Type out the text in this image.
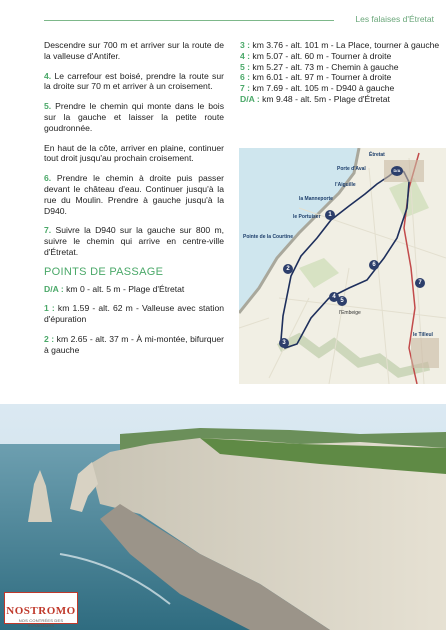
Les falaises d'Étretat

Descendre sur 700 m et arriver sur la route de la valleuse d'Antifer.

4. Le carrefour est boisé, prendre la route sur la droite sur 70 m et arriver à un croisement.

5. Prendre le chemin qui monte dans le bois sur la gauche et laisser la petite route goudronnée.

En haut de la côte, arriver en plaine, continuer tout droit jusqu'au prochain croisement.

6. Prendre le chemin à droite puis passer devant le château d'eau. Continuer jusqu'à la rue du Moulin. Prendre à gauche jusqu'à la D940.

7. Suivre la D940 sur la gauche sur 800 m, suivre le chemin qui arrive en centre-ville d'Étretat.

POINTS DE PASSAGE

D/A : km 0 - alt. 5 m - Plage d'Étretat

1 : km 1.59 - alt. 62 m - Valleuse avec station d'épuration

2 : km 2.65 - alt. 37 m - À mi-montée, bifurquer à gauche

3 : km 3.76 - alt. 101 m - La Place, tourner à gauche

4 : km 5.07 - alt. 60 m - Tourner à droite

5 : km 5.27 - alt. 73 m - Chemin à gauche

6 : km 6.01 - alt. 97 m - Tourner à droite

7 : km 7.69 - alt. 105 m - D940 à gauche

D/A : km 9.48 - alt. 5m - Plage d'Étretat

Étretat
Porte d'Aval
l'Aiguille
la Manneporte
le Portuiser
Pointe de la Courtine
le Tilleul
l'Embeige
1
2
3
4
5
6
7
D/A
NOSTROMO
NOS CONTRÉES DES VOYAGEURS
